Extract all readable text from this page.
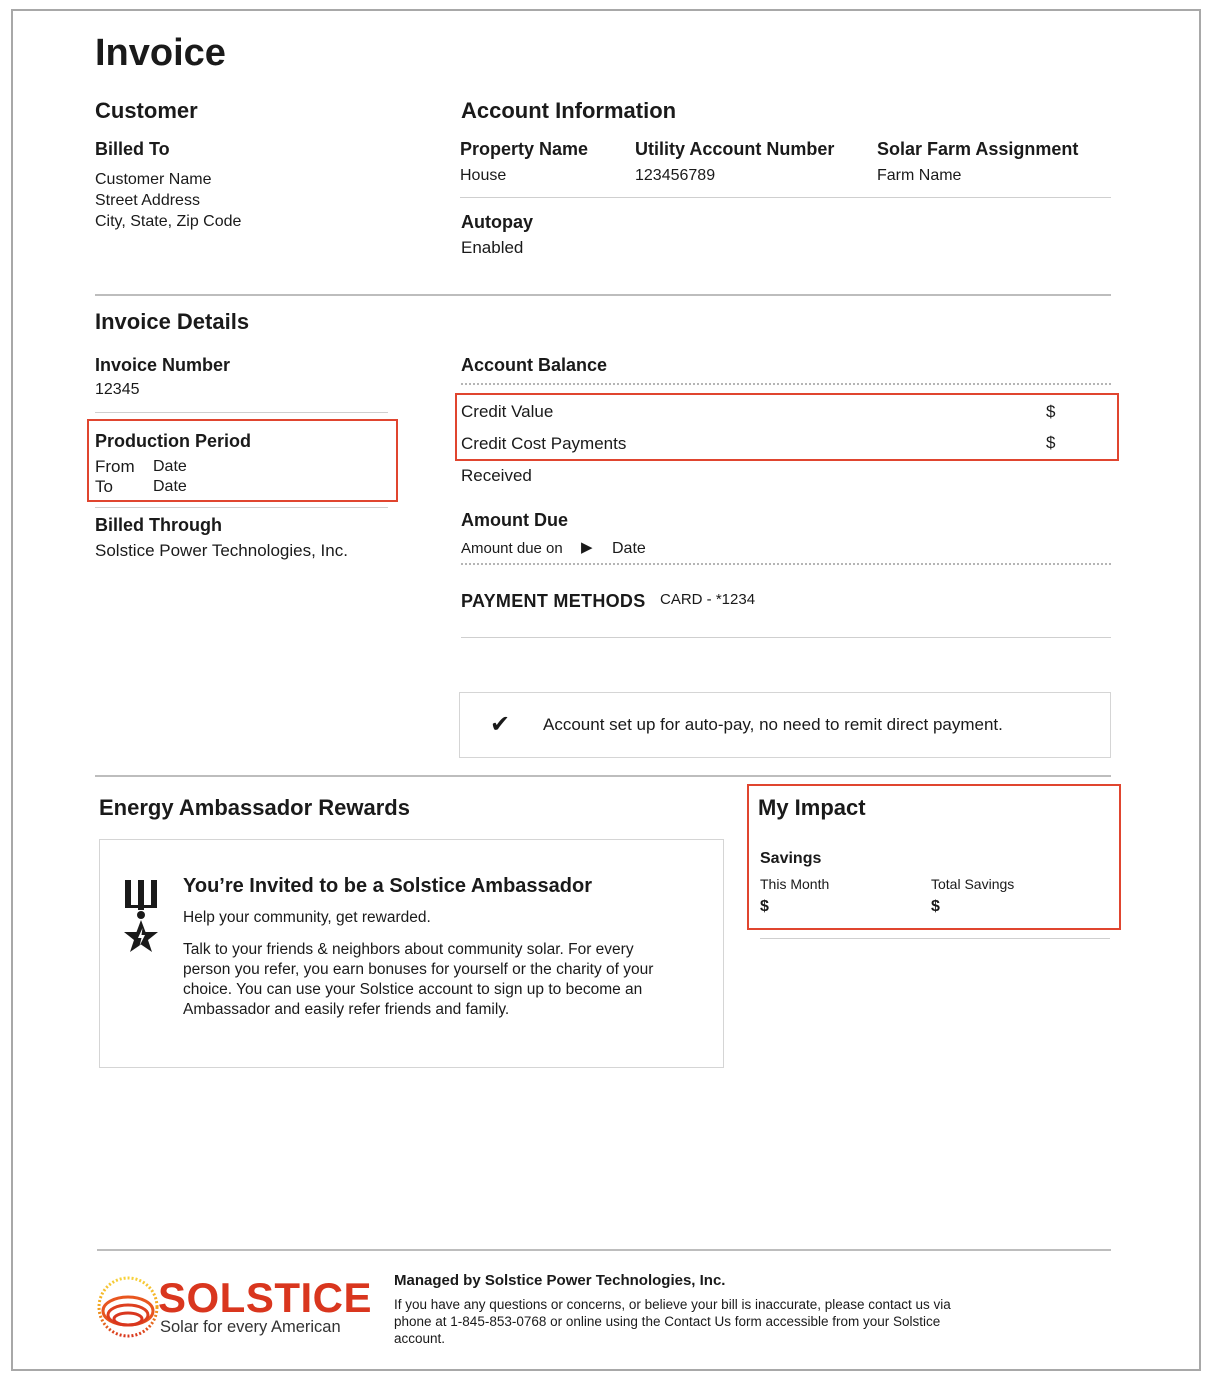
Invoice
Customer
Billed To
Customer Name
Street Address
City, State, Zip Code
Account Information
Property Name
House
Utility Account Number
123456789
Solar Farm Assignment
Farm Name
Autopay
Enabled
Invoice Details
Invoice Number
12345
Production Period
From Date
To	Date
Billed Through
Solstice Power Technologies, Inc.
Account Balance
Credit Value	$
Credit Cost Payments	$
Received
Amount Due
Amount due on ▶ Date
PAYMENT METHODS CARD - *1234
✔ Account set up for auto-pay, no need to remit direct payment.
Energy Ambassador Rewards
You’re Invited to be a Solstice Ambassador
Help your community, get rewarded.
Talk to your friends & neighbors about community solar. For every person you refer, you earn bonuses for yourself or the charity of your choice. You can use your Solstice account to sign up to become an Ambassador and easily refer friends and family.
My Impact
Savings
This Month
$
Total Savings
$
SOLSTICE
Solar for every American
Managed by Solstice Power Technologies, Inc.
If you have any questions or concerns, or believe your bill is inaccurate, please contact us via phone at 1-845-853-0768 or online using the Contact Us form accessible from your Solstice account.
